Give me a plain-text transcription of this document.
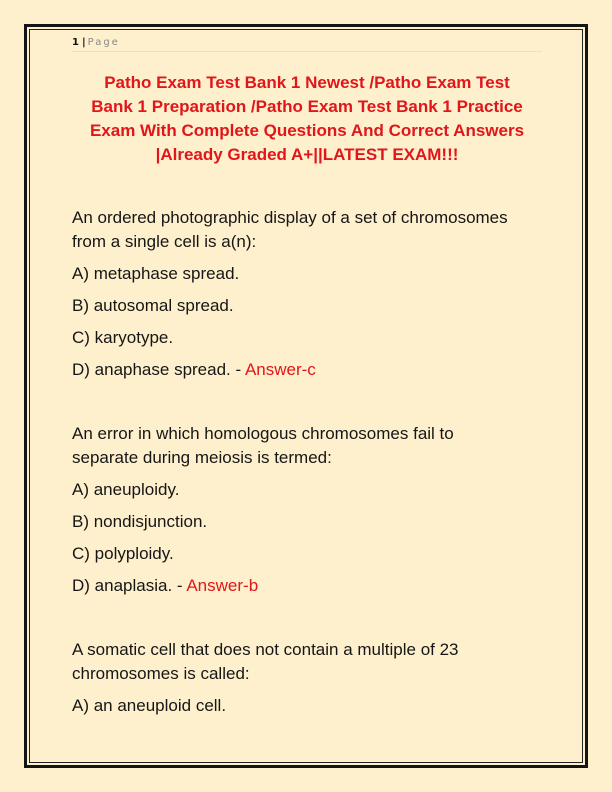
1 | Page
Patho Exam Test Bank 1 Newest /Patho Exam Test
Bank 1 Preparation /Patho Exam Test Bank 1 Practice
Exam With Complete Questions And Correct Answers
|Already Graded A+||LATEST EXAM!!!

An ordered photographic display of a set of chromosomes
from a single cell is a(n):

A) metaphase spread.

B) autosomal spread.

C) karyotype.

D) anaphase spread. - Answer-c

An error in which homologous chromosomes fail to
separate during meiosis is termed:

A) aneuploidy.

B) nondisjunction.

C) polyploidy.

D) anaplasia. - Answer-b

A somatic cell that does not contain a multiple of 23
chromosomes is called:

A) an aneuploid cell.
